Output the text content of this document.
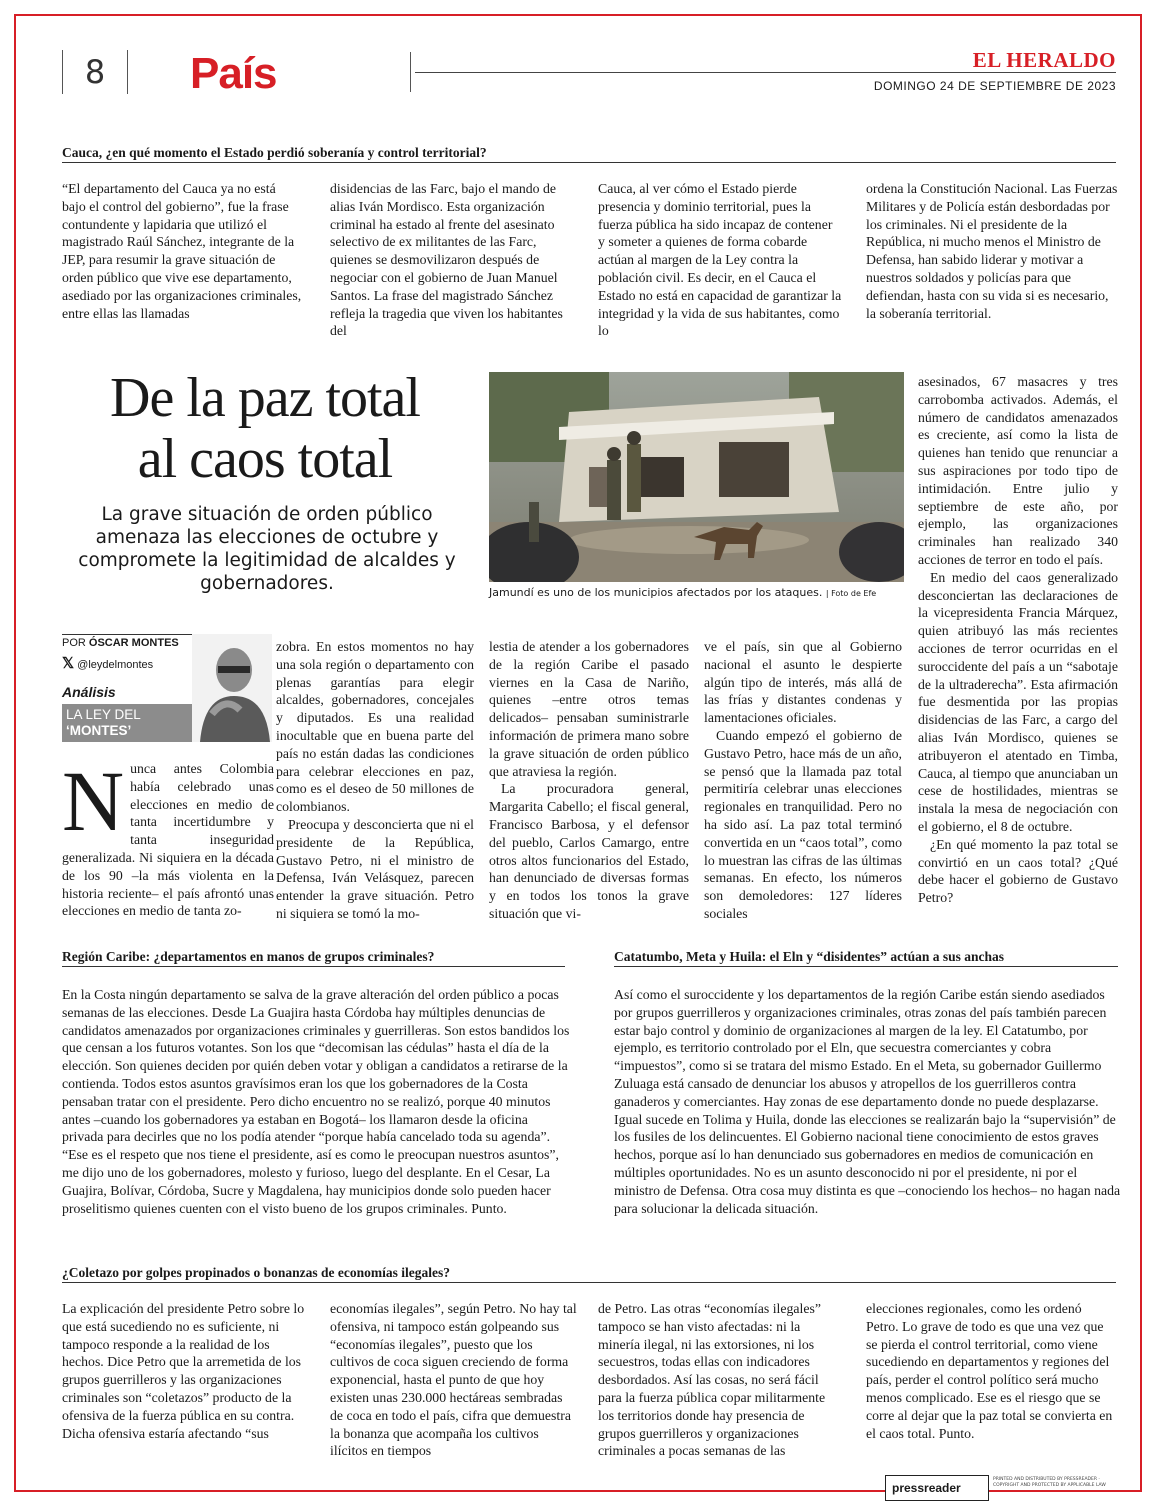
8	País	EL HERALDO
DOMINGO 24 DE SEPTIEMBRE DE 2023
Cauca, ¿en qué momento el Estado perdió soberanía y control territorial?
“El departamento del Cauca ya no está bajo el control del gobierno”, fue la frase contundente y lapidaria que utilizó el magistrado Raúl Sánchez, integrante de la JEP, para resumir la grave situación de orden público que vive ese departamento, asediado por las organizaciones criminales, entre ellas las llamadas
disidencias de las Farc, bajo el mando de alias Iván Mordisco. Esta organización criminal ha estado al frente del asesinato selectivo de ex militantes de las Farc, quienes se desmovilizaron después de negociar con el gobierno de Juan Manuel Santos. La frase del magistrado Sánchez refleja la tragedia que viven los habitantes del
Cauca, al ver cómo el Estado pierde presencia y dominio territorial, pues la fuerza pública ha sido incapaz de contener y someter a quienes de forma cobarde actúan al margen de la Ley contra la población civil. Es decir, en el Cauca el Estado no está en capacidad de garantizar la integridad y la vida de sus habitantes, como lo
ordena la Constitución Nacional. Las Fuerzas Militares y de Policía están desbordadas por los criminales. Ni el presidente de la República, ni mucho menos el Ministro de Defensa, han sabido liderar y motivar a nuestros soldados y policías para que defiendan, hasta con su vida si es necesario, la soberanía territorial.
De la paz total
al caos total
La grave situación de orden público amenaza las elecciones de octubre y compromete la legitimidad de alcaldes y gobernadores.	Jamundí es uno de los municipios afectados por los ataques. | Foto de Efe
POR ÓSCAR MONTES
𝕏 @leydelmontes
Análisis
LA LEY DEL
‘MONTES’
Nunca antes Colombia había celebrado unas elecciones en medio de tanta incertidumbre y tanta inseguridad generalizada. Ni siquiera en la década de los 90 –la más violenta en la historia reciente– el país afrontó unas elecciones en medio de tanta zo-

zobra. En estos momentos no hay una sola región o departamento con plenas garantías para elegir alcaldes, gobernadores, concejales y diputados. Es una realidad inocultable que en buena parte del país no están dadas las condiciones para celebrar elecciones en paz, como es el deseo de 50 millones de colombianos.

Preocupa y desconcierta que ni el presidente de la República, Gustavo Petro, ni el ministro de Defensa, Iván Velásquez, parecen entender la grave situación. Petro ni siquiera se tomó la mo-

lestia de atender a los gobernadores de la región Caribe el pasado viernes en la Casa de Nariño, quienes –entre otros temas delicados– pensaban suministrarle información de primera mano sobre la grave situación de orden público que atraviesa la región.

La procuradora general, Margarita Cabello; el fiscal general, Francisco Barbosa, y el defensor del pueblo, Carlos Camargo, entre otros altos funcionarios del Estado, han denunciado de diversas formas y en todos los tonos la grave situación que vi-

ve el país, sin que al Gobierno nacional el asunto le despierte algún tipo de interés, más allá de las frías y distantes condenas y lamentaciones oficiales.

Cuando empezó el gobierno de Gustavo Petro, hace más de un año, se pensó que la llamada paz total permitiría celebrar unas elecciones regionales en tranquilidad. Pero no ha sido así. La paz total terminó convertida en un “caos total”, como lo muestran las cifras de las últimas semanas. En efecto, los números son demoledores: 127 líderes sociales

asesinados, 67 masacres y tres carrobomba activados. Además, el número de candidatos amenazados es creciente, así como la lista de quienes han tenido que renunciar a sus aspiraciones por todo tipo de intimidación. Entre julio y septiembre de este año, por ejemplo, las organizaciones criminales han realizado 340 acciones de terror en todo el país.

En medio del caos generalizado desconciertan las declaraciones de la vicepresidenta Francia Márquez, quien atribuyó las más recientes acciones de terror ocurridas en el suroccidente del país a un “sabotaje de la ultraderecha”. Esta afirmación fue desmentida por las propias disidencias de las Farc, a cargo del alias Iván Mordisco, quienes se atribuyeron el atentado en Timba, Cauca, al tiempo que anunciaban un cese de hostilidades, mientras se instala la mesa de negociación con el gobierno, el 8 de octubre.

¿En qué momento la paz total se convirtió en un caos total? ¿Qué debe hacer el gobierno de Gustavo Petro?

Región Caribe: ¿departamentos en manos de grupos criminales?
En la Costa ningún departamento se salva de la grave alteración del orden público a pocas semanas de las elecciones. Desde La Guajira hasta Córdoba hay múltiples denuncias de candidatos amenazados por organizaciones criminales y guerrilleras. Son estos bandidos los que censan a los futuros votantes. Son los que “decomisan las cédulas” hasta el día de la elección. Son quienes deciden por quién deben votar y obligan a candidatos a retirarse de la contienda. Todos estos asuntos gravísimos eran los que los gobernadores de la Costa pensaban tratar con el presidente. Pero dicho encuentro no se realizó, porque 40 minutos antes –cuando los gobernadores ya estaban en Bogotá– los llamaron desde la oficina privada para decirles que no los podía atender “porque había cancelado toda su agenda”. “Ese es el respeto que nos tiene el presidente, así es como le preocupan nuestros asuntos”, me dijo uno de los gobernadores, molesto y furioso, luego del desplante. En el Cesar, La Guajira, Bolívar, Córdoba, Sucre y Magdalena, hay municipios donde solo pueden hacer proselitismo quienes cuenten con el visto bueno de los grupos criminales. Punto.
Catatumbo, Meta y Huila: el Eln y “disidentes” actúan a sus anchas
Así como el suroccidente y los departamentos de la región Caribe están siendo asediados por grupos guerrilleros y organizaciones criminales, otras zonas del país también parecen estar bajo control y dominio de organizaciones al margen de la ley. El Catatumbo, por ejemplo, es territorio controlado por el Eln, que secuestra comerciantes y cobra “impuestos”, como si se tratara del mismo Estado. En el Meta, su gobernador Guillermo Zuluaga está cansado de denunciar los abusos y atropellos de los guerrilleros contra ganaderos y comerciantes. Hay zonas de ese departamento donde no puede desplazarse. Igual sucede en Tolima y Huila, donde las elecciones se realizarán bajo la “supervisión” de los fusiles de los delincuentes. El Gobierno nacional tiene conocimiento de estos graves hechos, porque así lo han denunciado sus gobernadores en medios de comunicación en múltiples oportunidades. No es un asunto desconocido ni por el presidente, ni por el ministro de Defensa. Otra cosa muy distinta es que –conociendo los hechos– no hagan nada para solucionar la delicada situación.
¿Coletazo por golpes propinados o bonanzas de economías ilegales?
La explicación del presidente Petro sobre lo que está sucediendo no es suficiente, ni tampoco responde a la realidad de los hechos. Dice Petro que la arremetida de los grupos guerrilleros y las organizaciones criminales son “coletazos” producto de la ofensiva de la fuerza pública en su contra. Dicha ofensiva estaría afectando “sus
economías ilegales”, según Petro. No hay tal ofensiva, ni tampoco están golpeando sus “economías ilegales”, puesto que los cultivos de coca siguen creciendo de forma exponencial, hasta el punto de que hoy existen unas 230.000 hectáreas sembradas de coca en todo el país, cifra que demuestra la bonanza que acompaña los cultivos ilícitos en tiempos
de Petro. Las otras “economías ilegales” tampoco se han visto afectadas: ni la minería ilegal, ni las extorsiones, ni los secuestros, todas ellas con indicadores desbordados. Así las cosas, no será fácil para la fuerza pública copar militarmente los territorios donde hay presencia de grupos guerrilleros y organizaciones criminales a pocas semanas de las
elecciones regionales, como les ordenó Petro. Lo grave de todo es que una vez que se pierda el control territorial, como viene sucediendo en departamentos y regiones del país, perder el control político será mucho menos complicado. Ese es el riesgo que se corre al dejar que la paz total se convierta en el caos total. Punto.
pressreader
PRINTED AND DISTRIBUTED BY PRESSREADER · COPYRIGHT AND PROTECTED BY APPLICABLE LAW
